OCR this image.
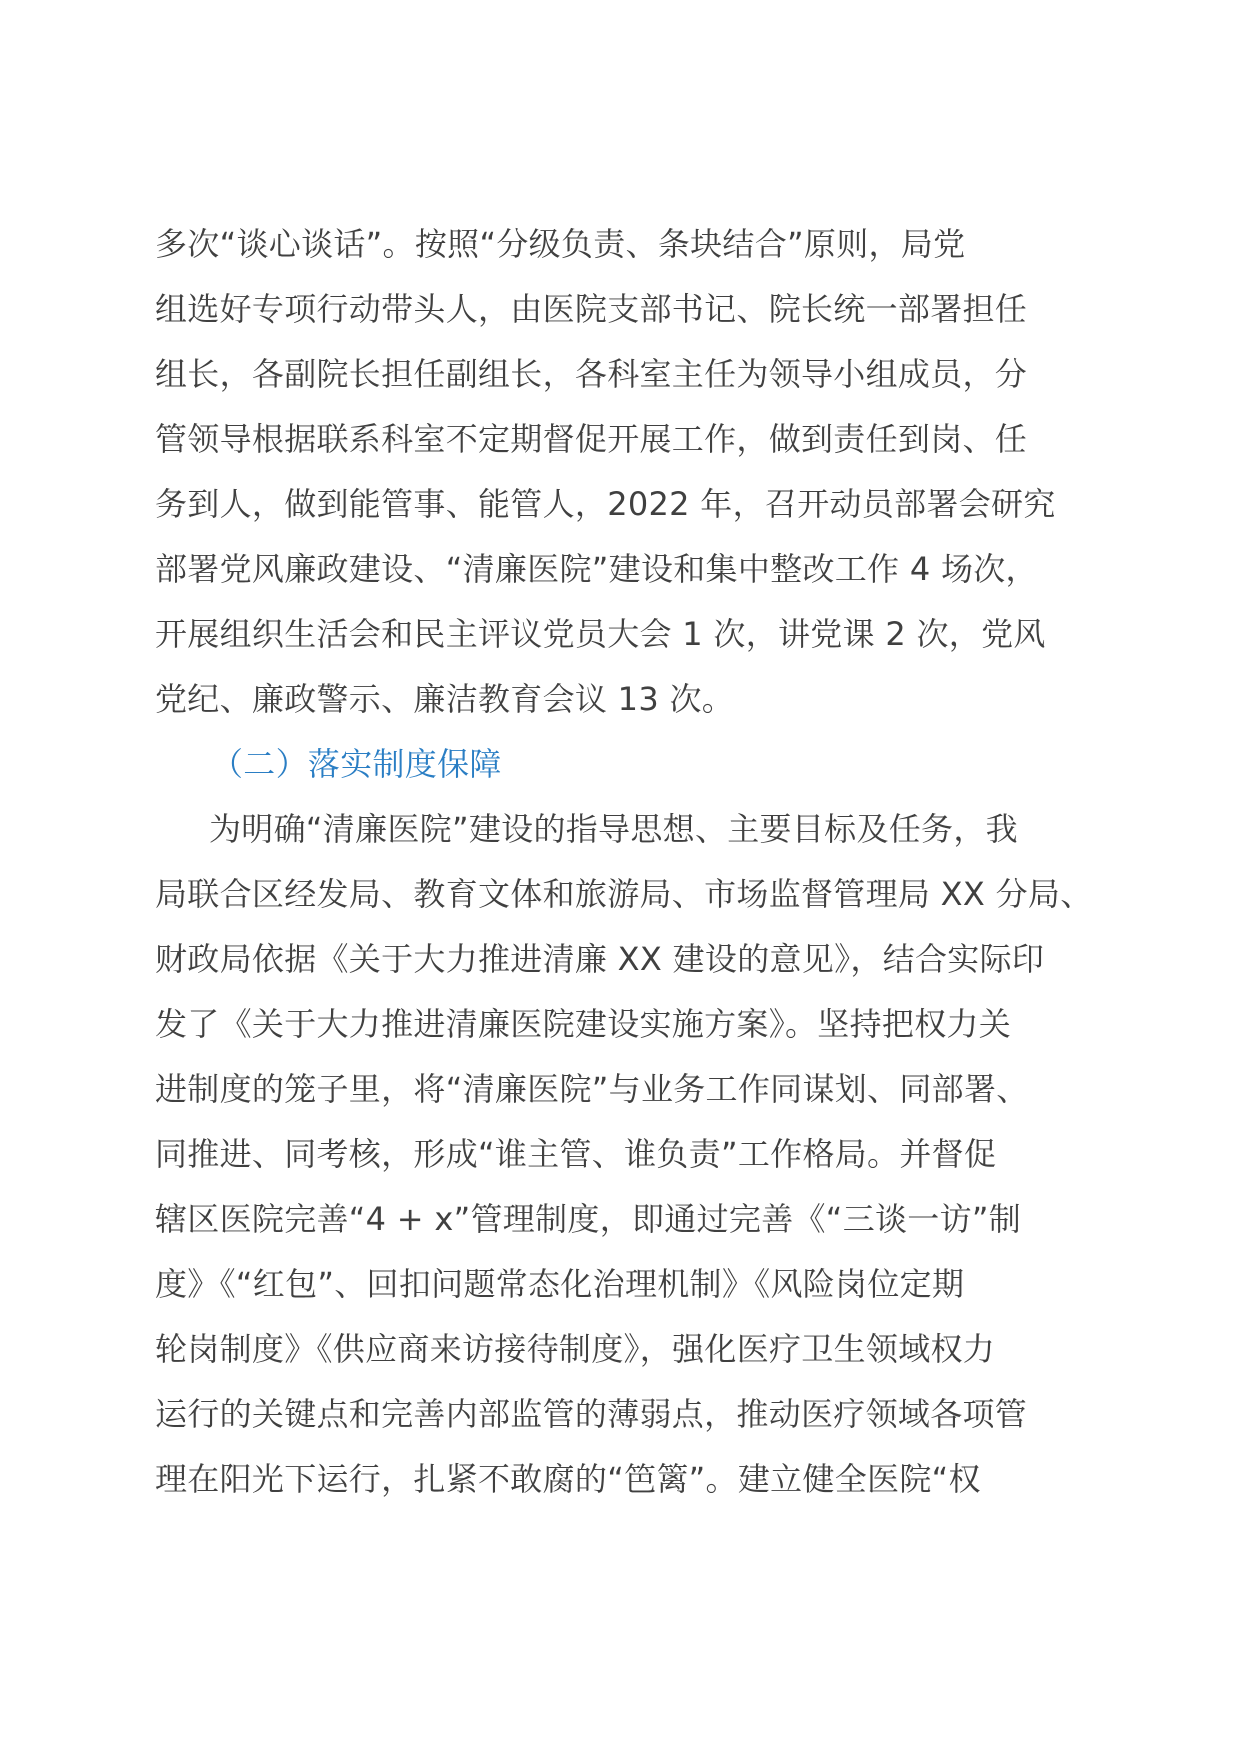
多次“谈心谈话”。按照“分级负责、条块结合”原则，局党
组选好专项行动带头人，由医院支部书记、院长统一部署担任
组长，各副院长担任副组长，各科室主任为领导小组成员，分
管领导根据联系科室不定期督促开展工作，做到责任到岗、任
务到人，做到能管事、能管人，2022 年，召开动员部署会研究
部署党风廉政建设、“清廉医院”建设和集中整改工作 4 场次，
开展组织生活会和民主评议党员大会 1 次，讲党课 2 次，党风
党纪、廉政警示、廉洁教育会议 13 次。
（二）落实制度保障
为明确“清廉医院”建设的指导思想、主要目标及任务，我
局联合区经发局、教育文体和旅游局、市场监督管理局 XX 分局、
财政局依据《关于大力推进清廉 XX 建设的意见》，结合实际印
发了《关于大力推进清廉医院建设实施方案》。坚持把权力关
进制度的笼子里，将“清廉医院”与业务工作同谋划、同部署、
同推进、同考核，形成“谁主管、谁负责”工作格局。并督促
辖区医院完善“4 + x”管理制度，即通过完善《“三谈一访”制
度》《“红包”、回扣问题常态化治理机制》《风险岗位定期
轮岗制度》《供应商来访接待制度》，强化医疗卫生领域权力
运行的关键点和完善内部监管的薄弱点，推动医疗领域各项管
理在阳光下运行，扎紧不敢腐的“笆篱”。建立健全医院“权
